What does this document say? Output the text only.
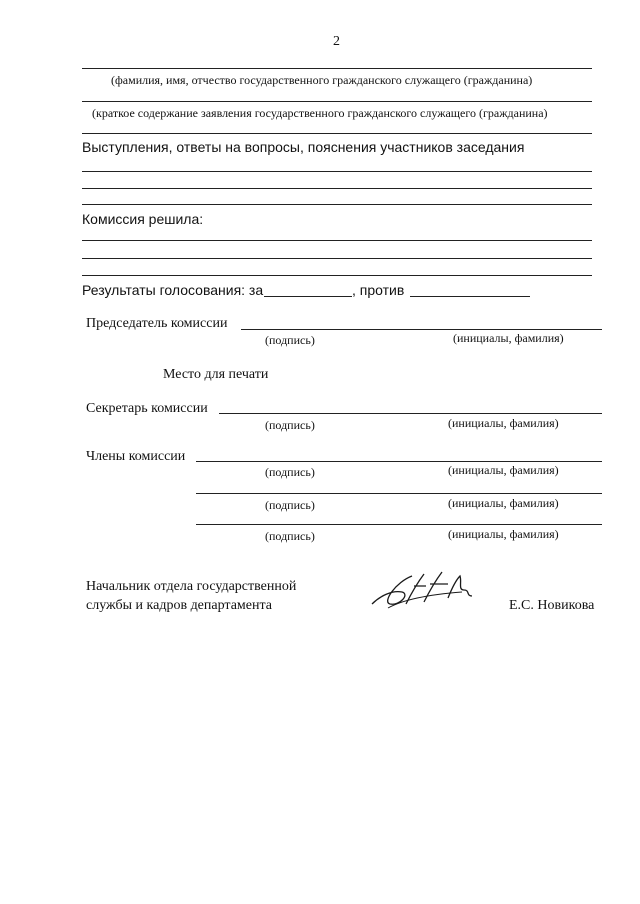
2
(фамилия, имя, отчество государственного гражданского служащего (гражданина)
(краткое содержание заявления государственного гражданского служащего (гражданина)
Выступления, ответы на вопросы, пояснения участников заседания
Комиссия решила:
Результаты голосования: за	, против
Председатель комиссии
(подпись)	(инициалы, фамилия)
Место для печати
Секретарь комиссии
(подпись)	(инициалы, фамилия)
Члены комиссии
(подпись)	(инициалы, фамилия)
(подпись)	(инициалы, фамилия)
(подпись)	(инициалы, фамилия)
Начальник отдела государственной
службы и кадров департамента	Е.С. Новикова
